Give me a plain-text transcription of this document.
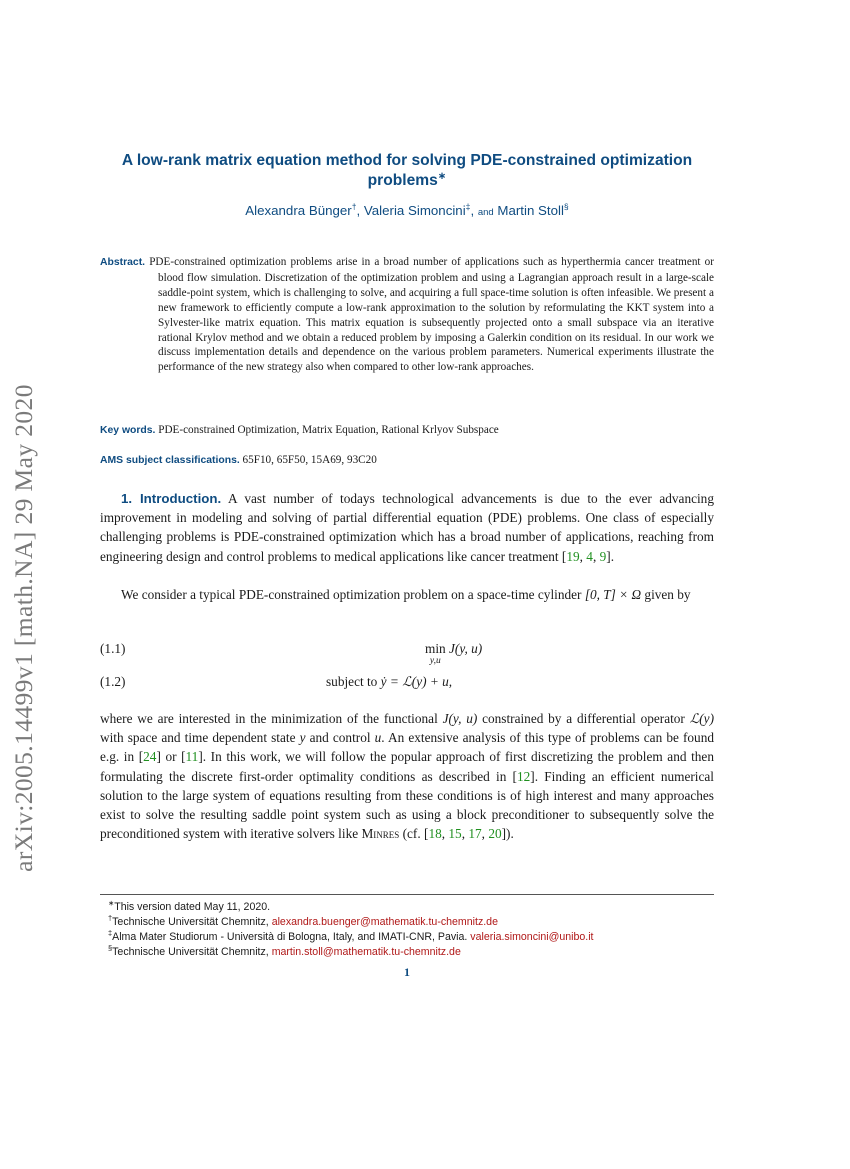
arXiv:2005.14499v1 [math.NA] 29 May 2020
A low-rank matrix equation method for solving PDE-constrained optimization problems∗
Alexandra Bünger†, Valeria Simoncini‡, and Martin Stoll§
Abstract. PDE-constrained optimization problems arise in a broad number of applications such as hyperthermia cancer treatment or blood flow simulation. Discretization of the optimization problem and using a Lagrangian approach result in a large-scale saddle-point system, which is challenging to solve, and acquiring a full space-time solution is often infeasible. We present a new framework to efficiently compute a low-rank approximation to the solution by reformulating the KKT system into a Sylvester-like matrix equation. This matrix equation is subsequently projected onto a small subspace via an iterative rational Krylov method and we obtain a reduced problem by imposing a Galerkin condition on its residual. In our work we discuss implementation details and dependence on the various problem parameters. Numerical experiments illustrate the performance of the new strategy also when compared to other low-rank approaches.
Key words. PDE-constrained Optimization, Matrix Equation, Rational Krlyov Subspace
AMS subject classifications. 65F10, 65F50, 15A69, 93C20
1. Introduction. A vast number of todays technological advancements is due to the ever advancing improvement in modeling and solving of partial differential equation (PDE) problems. One class of especially challenging problems is PDE-constrained optimization which has a broad number of applications, reaching from engineering design and control problems to medical applications like cancer treatment [19, 4, 9].
We consider a typical PDE-constrained optimization problem on a space-time cylinder [0, T] × Ω given by
(1.1)	min
y,u
J(y, u)
(1.2)	subject to ẏ = ℒ(y) + u,
where we are interested in the minimization of the functional J(y, u) constrained by a differential operator ℒ(y) with space and time dependent state y and control u. An extensive analysis of this type of problems can be found e.g. in [24] or [11]. In this work, we will follow the popular approach of first discretizing the problem and then formulating the discrete first-order optimality conditions as described in [12]. Finding an efficient numerical solution to the large system of equations resulting from these conditions is of high interest and many approaches exist to solve the resulting saddle point system such as using a block preconditioner to subsequently solve the preconditioned system with iterative solvers like Minres (cf. [18, 15, 17, 20]).
∗This version dated May 11, 2020.
†Technische Universität Chemnitz, alexandra.buenger@mathematik.tu-chemnitz.de
‡Alma Mater Studiorum - Università di Bologna, Italy, and IMATI-CNR, Pavia. valeria.simoncini@unibo.it
§Technische Universität Chemnitz, martin.stoll@mathematik.tu-chemnitz.de
1
